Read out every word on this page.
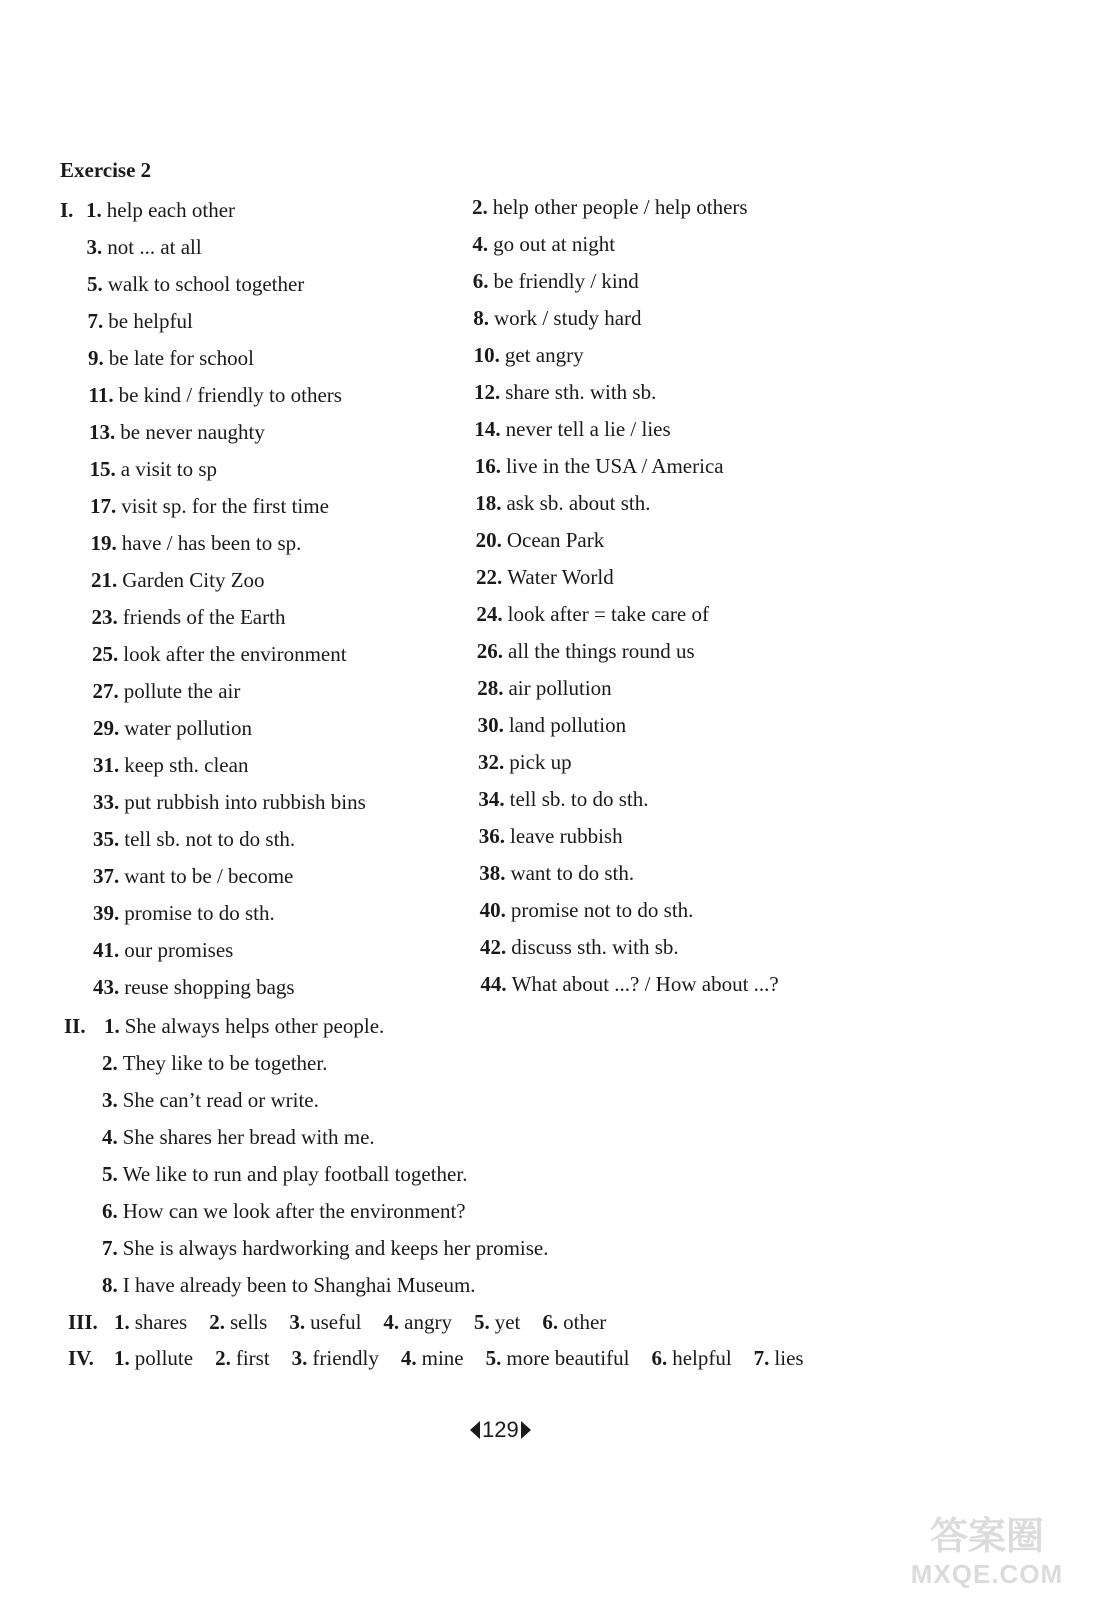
Exercise 2
I. 1. help each other	2. help other people / help others
3. not ... at all	4. go out at night
5. walk to school together	6. be friendly / kind
7. be helpful	8. work / study hard
9. be late for school	10. get angry
11. be kind / friendly to others	12. share sth. with sb.
13. be never naughty	14. never tell a lie / lies
15. a visit to sp	16. live in the USA / America
17. visit sp. for the first time	18. ask sb. about sth.
19. have / has been to sp.	20. Ocean Park
21. Garden City Zoo	22. Water World
23. friends of the Earth	24. look after = take care of
25. look after the environment	26. all the things round us
27. pollute the air	28. air pollution
29. water pollution	30. land pollution
31. keep sth. clean	32. pick up
33. put rubbish into rubbish bins	34. tell sb. to do sth.
35. tell sb. not to do sth.	36. leave rubbish
37. want to be / become	38. want to do sth.
39. promise to do sth.	40. promise not to do sth.
41. our promises	42. discuss sth. with sb.
43. reuse shopping bags	44. What about ...? / How about ...?
II. 1. She always helps other people.
2. They like to be together.
3. She can’t read or write.
4. She shares her bread with me.
5. We like to run and play football together.
6. How can we look after the environment?
7. She is always hardworking and keeps her promise.
8. I have already been to Shanghai Museum.
III. 1. shares 2. sells 3. useful 4. angry 5. yet 6. other
IV. 1. pollute 2. first 3. friendly 4. mine 5. more beautiful 6. helpful 7. lies
129
答案圈
MXQE.COM
